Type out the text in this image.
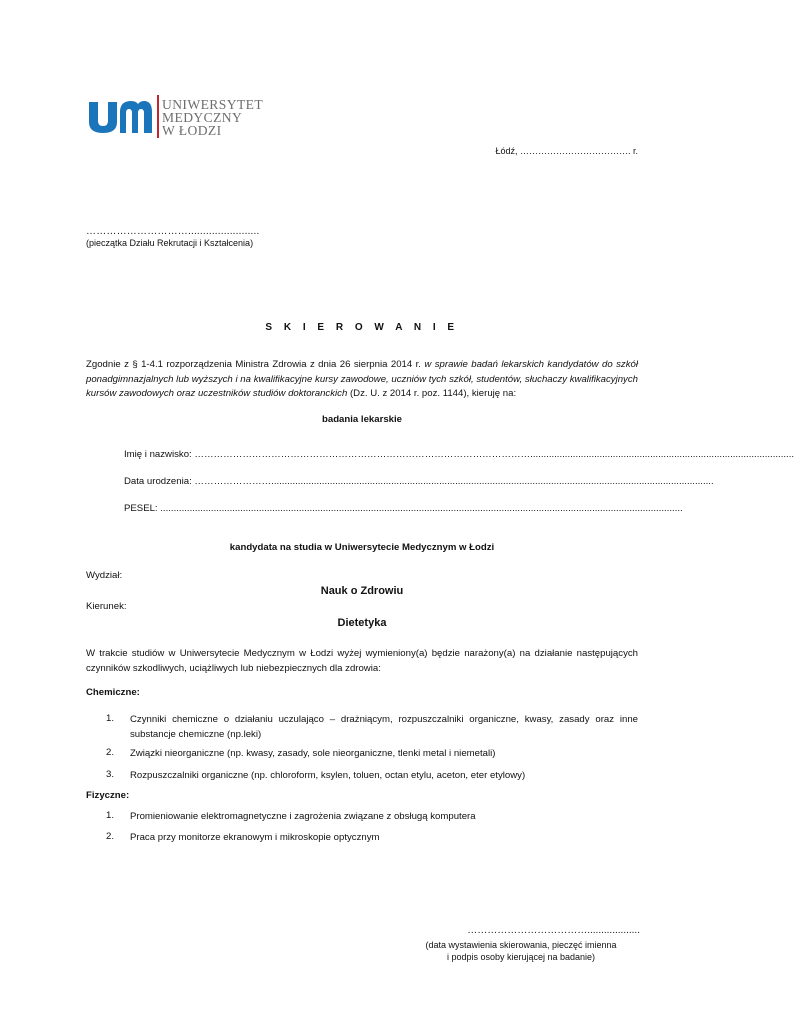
UNIWERSYTET
MEDYCZNY
W ŁODZI
Łódź, ………………………………. r.
…………………………........................
(pieczątka Działu Rekrutacji i Kształcenia)
S K I E R O W A N I E
Zgodnie z § 1-4.1 rozporządzenia Ministra Zdrowia z dnia 26 sierpnia 2014 r. w sprawie badań lekarskich kandydatów do szkół ponadgimnazjalnych lub wyższych i na kwalifikacyjne kursy zawodowe, uczniów tych szkół, studentów, słuchaczy kwalifikacyjnych kursów zawodowych oraz uczestników studiów doktoranckich (Dz. U. z 2014 r. poz. 1144), kieruję na:
badania lekarskie
Imię i nazwisko: ……………………………………………………………………………………………...................................................................................................
Data urodzenia: ……………………......................................................................................................................................................................
PESEL: ....................................................................................................................................................................................................
kandydata na studia w Uniwersytecie Medycznym w Łodzi
Wydział:
Nauk o Zdrowiu
Kierunek:
Dietetyka
W trakcie studiów w Uniwersytecie Medycznym w Łodzi wyżej wymieniony(a) będzie narażony(a) na działanie następujących czynników szkodliwych, uciążliwych lub niebezpiecznych dla zdrowia:
Chemiczne:
1. Czynniki chemiczne o działaniu uczulająco – drażniącym, rozpuszczalniki organiczne, kwasy, zasady oraz inne substancje chemiczne (np.leki)
2. Związki nieorganiczne (np. kwasy, zasady, sole nieorganiczne, tlenki metal i niemetali)
3. Rozpuszczalniki organiczne (np. chloroform, ksylen, toluen, octan etylu, aceton, eter etylowy)
Fizyczne:
1. Promieniowanie elektromagnetyczne i zagrożenia związane z obsługą komputera
2. Praca przy monitorze ekranowym i mikroskopie optycznym
………………………………...................
(data wystawienia skierowania, pieczęć imienna
i podpis osoby kierującej na badanie)
